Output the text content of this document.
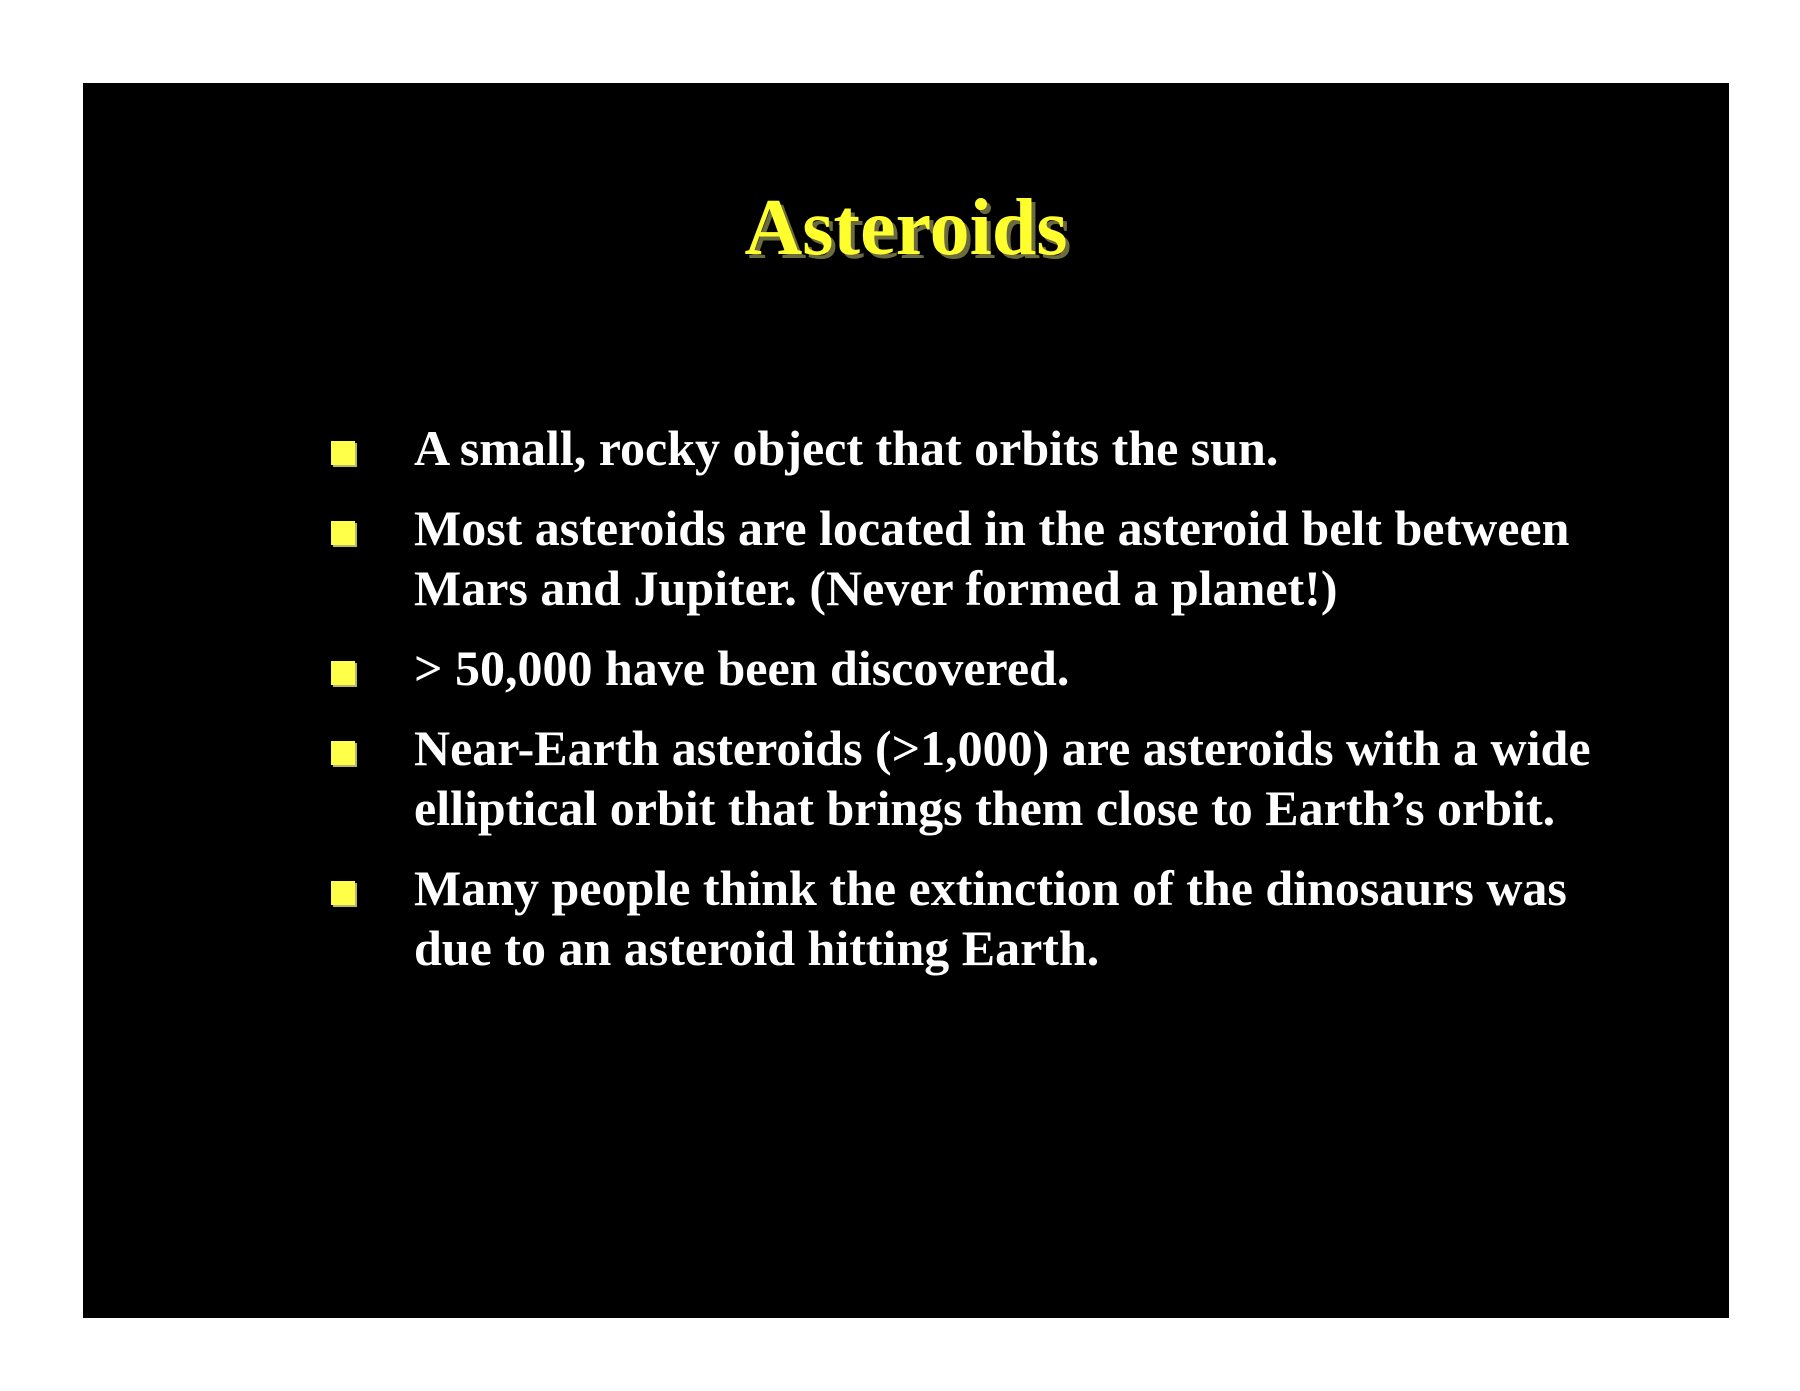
Asteroids
A small, rocky object that orbits the sun.
Most asteroids are located in the asteroid belt between Mars and Jupiter. (Never formed a planet!)
> 50,000 have been discovered.
Near-Earth asteroids (>1,000) are asteroids with a wide elliptical orbit that brings them close to Earth’s orbit.
Many people think the extinction of the dinosaurs was due to an asteroid hitting Earth.
